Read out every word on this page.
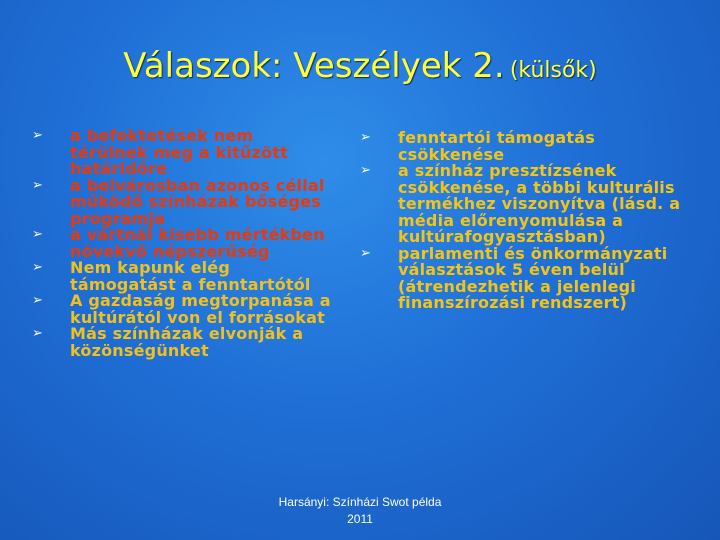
Válaszok: Veszélyek 2. (külsők)
➢ a befektetések nem térülnek meg a kitűzött határidőre
➢ a belvárosban azonos céllal működő színházak bőséges programja
➢ a vártnál kisebb mértékben növekvő népszerűség
➢ Nem kapunk elég támogatást a fenntartótól
➢ A gazdaság megtorpanása a kultúrától von el forrásokat
➢ Más színházak elvonják a közönségünket
➢ fenntartói támogatás csökkenése
➢ a színház presztízsének csökkenése, a többi kulturális termékhez viszonyítva (lásd. a média előrenyomulása a kultúrafogyasztásban)
➢ parlamenti és önkormányzati választások 5 éven belül (átrendezhetik a jelenlegi finanszírozási rendszert)
Harsányi: Színházi Swot példa
2011
